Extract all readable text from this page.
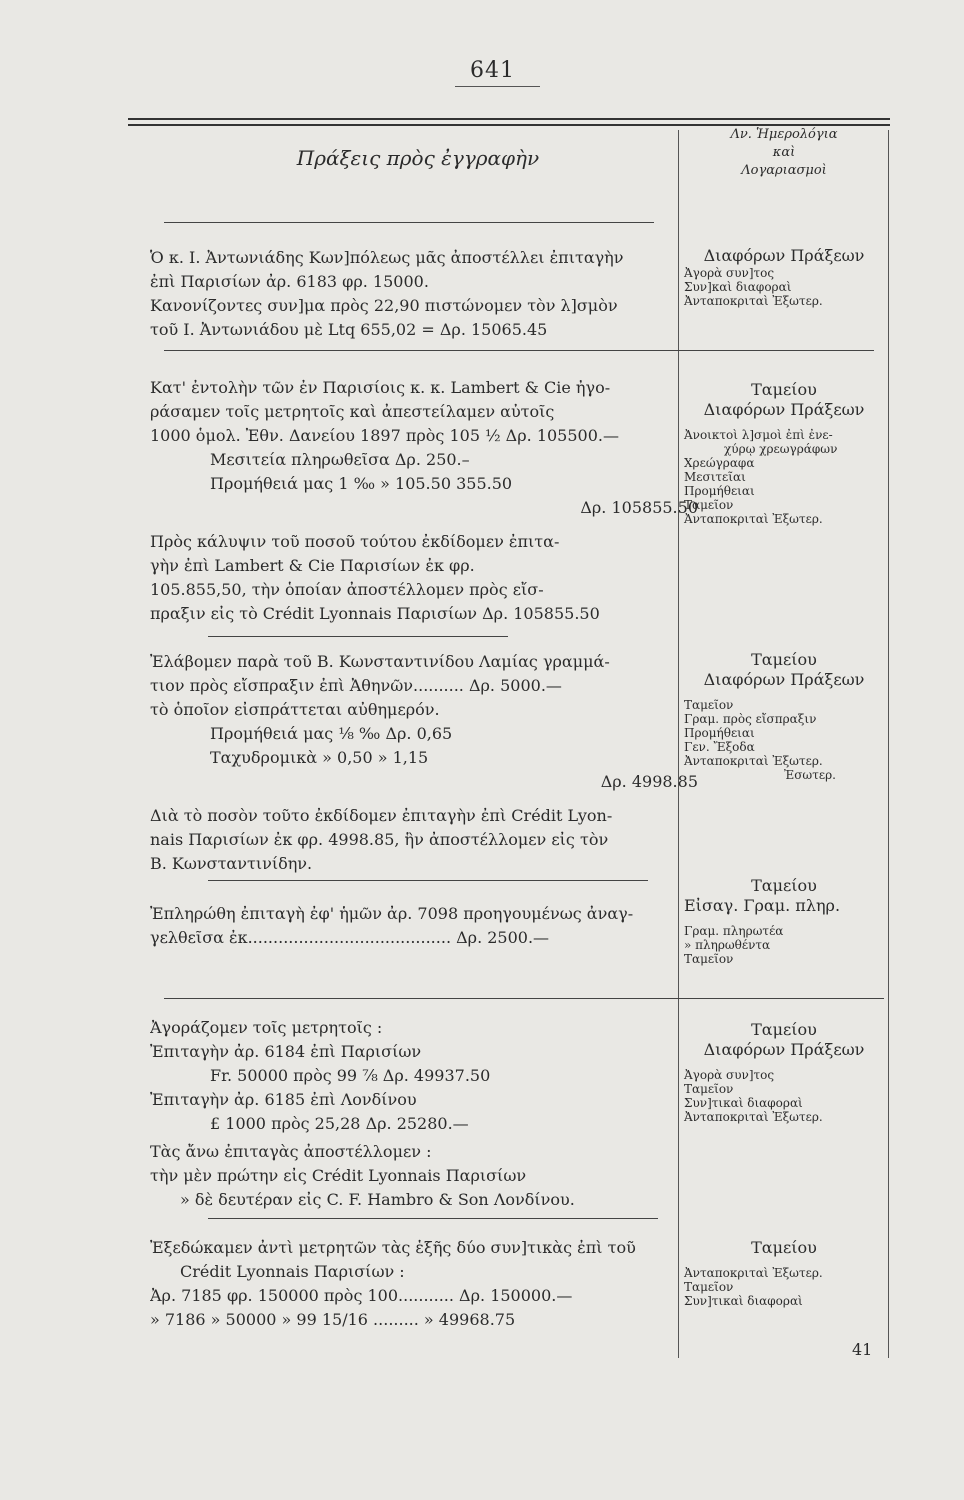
641
Πράξεις πρὸς ἐγγραφὴν
Λν. Ἡμερολόγια
καὶ
Λογαριασμοὶ
Ὁ κ. Ι. Ἀντωνιάδης Κων]πόλεως μᾶς ἀποστέλλει ἐπιταγὴν
ἐπὶ Παρισίων ἀρ. 6183 φρ. 15000.
Κανονίζοντες συν]μα πρὸς 22,90 πιστώνομεν τὸν λ]σμὸν
τοῦ Ι. Ἀντωνιάδου μὲ Ltq 655,02 = Δρ. 15065.45
Διαφόρων Πράξεων
Ἀγορὰ συν]τος
Συν]καὶ διαφοραὶ
Ἀνταποκριταὶ Ἐξωτερ.
Κατ' ἐντολὴν τῶν ἐν Παρισίοις κ. κ. Lambert & Cie ἠγο-
ράσαμεν τοῖς μετρητοῖς καὶ ἀπεστείλαμεν αὐτοῖς
1000 ὁμολ. Ἐθν. Δανείου 1897 πρὸς 105 ½ Δρ. 105500.—
Μεσιτεία πληρωθεῖσα Δρ. 250.–
Προμήθειά μας 1 ‰ » 105.50 355.50
Δρ. 105855.50
Πρὸς κάλυψιν τοῦ ποσοῦ τούτου ἐκδίδομεν ἐπιτα-
γὴν ἐπὶ Lambert & Cie Παρισίων ἐκ φρ.
105.855,50, τὴν ὁποίαν ἀποστέλλομεν πρὸς εἴσ-
πραξιν εἰς τὸ Crédit Lyonnais Παρισίων Δρ. 105855.50
Ταμείου
Διαφόρων Πράξεων
Ἀνοικτοὶ λ]σμοὶ ἐπὶ ἐνε-
χύρῳ χρεωγράφων
Χρεώγραφα
Μεσιτεῖαι
Προμήθειαι
Ταμεῖον
Ἀνταποκριταὶ Ἐξωτερ.
Ἐλάβομεν παρὰ τοῦ Β. Κωνσταντινίδου Λαμίας γραμμά-
τιον πρὸς εἴσπραξιν ἐπὶ Ἀθηνῶν.......... Δρ. 5000.—
τὸ ὁποῖον εἰσπράττεται αὐθημερόν.
Προμήθειά μας ⅛ ‰ Δρ. 0,65
Ταχυδρομικὰ » 0,50 » 1,15
Δρ. 4998.85
Διὰ τὸ ποσὸν τοῦτο ἐκδίδομεν ἐπιταγὴν ἐπὶ Crédit Lyon-
nais Παρισίων ἐκ φρ. 4998.85, ἣν ἀποστέλλομεν εἰς τὸν
Β. Κωνσταντινίδην.
Ταμείου
Διαφόρων Πράξεων
Ταμεῖον
Γραμ. πρὸς εἴσπραξιν
Προμήθειαι
Γεν. Ἔξοδα
Ἀνταποκριταὶ Ἐξωτερ.
Ἐσωτερ.
Ἐπληρώθη ἐπιταγὴ ἐφ' ἡμῶν ἀρ. 7098 προηγουμένως ἀναγ-
γελθεῖσα ἐκ........................................ Δρ. 2500.—
Ταμείου
Εἰσαγ. Γραμ. πληρ.
Γραμ. πληρωτέα
» πληρωθέντα
Ταμεῖον
Ἀγοράζομεν τοῖς μετρητοῖς :
Ἐπιταγὴν ἀρ. 6184 ἐπὶ Παρισίων
Fr. 50000 πρὸς 99 ⅞ Δρ. 49937.50
Ἐπιταγὴν ἀρ. 6185 ἐπὶ Λονδίνου
£ 1000 πρὸς 25,28 Δρ. 25280.—
Τὰς ἄνω ἐπιταγὰς ἀποστέλλομεν :
τὴν μὲν πρώτην εἰς Crédit Lyonnais Παρισίων
» δὲ δευτέραν εἰς C. F. Hambro & Son Λονδίνου.
Ταμείου
Διαφόρων Πράξεων
Ἀγορὰ συν]τος
Ταμεῖον
Συν]τικαὶ διαφοραὶ
Ἀνταποκριταὶ Ἐξωτερ.
Ἐξεδώκαμεν ἀντὶ μετρητῶν τὰς ἑξῆς δύο συν]τικὰς ἐπὶ τοῦ
Crédit Lyonnais Παρισίων :
Ἀρ. 7185 φρ. 150000 πρὸς 100........... Δρ. 150000.—
» 7186 » 50000 » 99 15/16 ......... » 49968.75
Ταμείου
Ἀνταποκριταὶ Ἐξωτερ.
Ταμεῖον
Συν]τικαὶ διαφοραὶ
41
